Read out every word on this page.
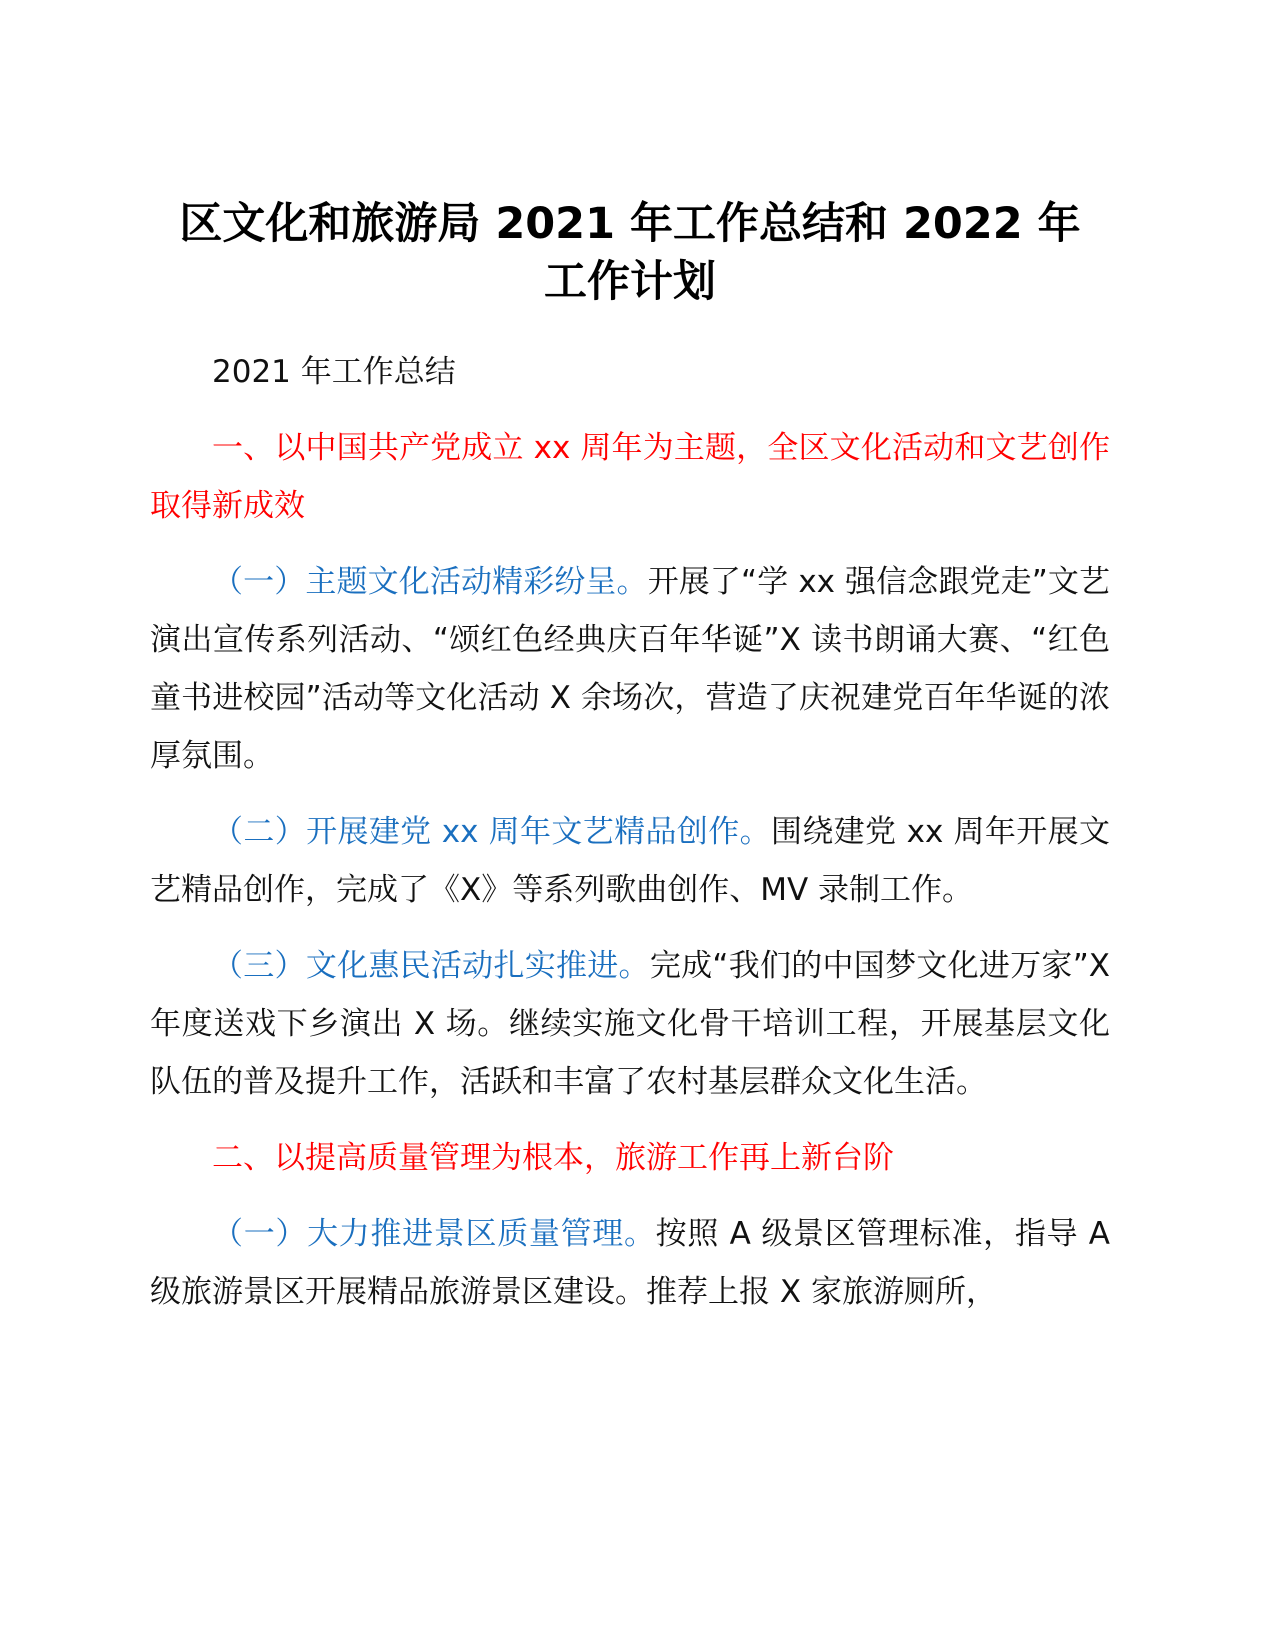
区文化和旅游局 2021 年工作总结和 2022 年
工作计划

2021 年工作总结

一、以中国共产党成立 xx 周年为主题，全区文化活动和文艺创作取得新成效

（一）主题文化活动精彩纷呈。开展了“学 xx 强信念跟党走”文艺演出宣传系列活动、“颂红色经典庆百年华诞”X 读书朗诵大赛、“红色童书进校园”活动等文化活动 X 余场次，营造了庆祝建党百年华诞的浓厚氛围。

（二）开展建党 xx 周年文艺精品创作。围绕建党 xx 周年开展文艺精品创作，完成了《X》等系列歌曲创作、MV 录制工作。

（三）文化惠民活动扎实推进。完成“我们的中国梦文化进万家”X 年度送戏下乡演出 X 场。继续实施文化骨干培训工程，开展基层文化队伍的普及提升工作，活跃和丰富了农村基层群众文化生活。

二、以提高质量管理为根本，旅游工作再上新台阶

（一）大力推进景区质量管理。按照 A 级景区管理标准，指导 A 级旅游景区开展精品旅游景区建设。推荐上报 X 家旅游厕所，
